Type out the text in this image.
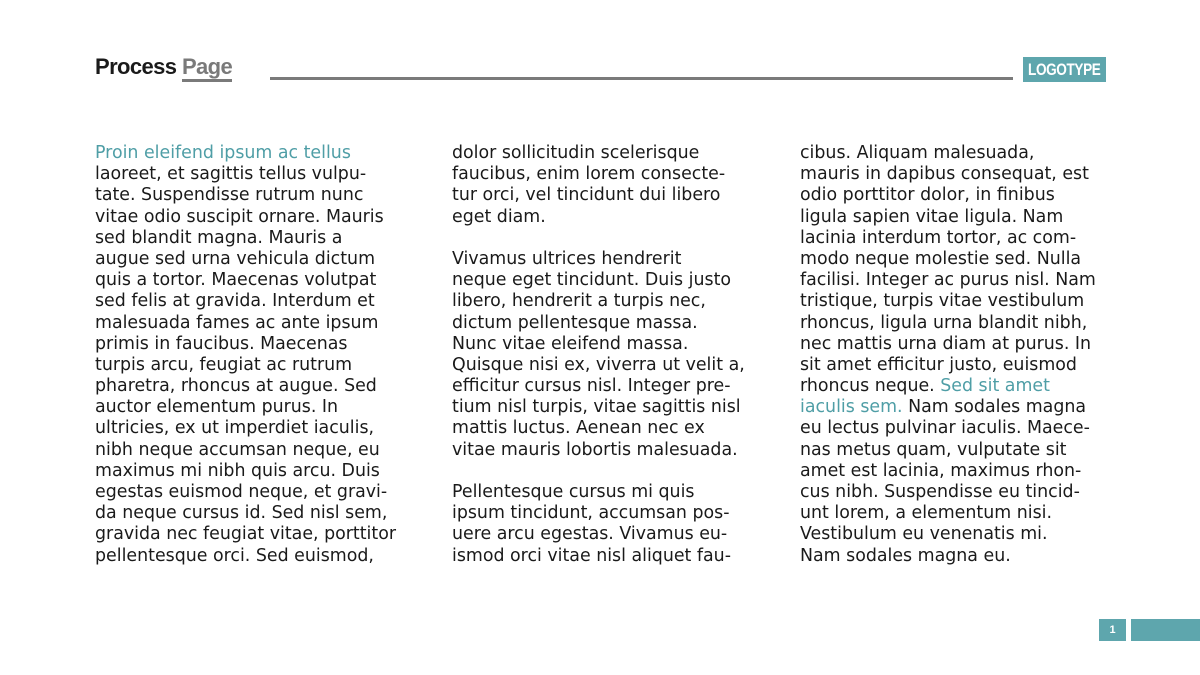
Process Page	LOGOTYPE
Proin eleifend ipsum ac tellus
laoreet, et sagittis tellus vulpu-
tate. Suspendisse rutrum nunc
vitae odio suscipit ornare. Mauris
sed blandit magna. Mauris a
augue sed urna vehicula dictum
quis a tortor. Maecenas volutpat
sed felis at gravida. Interdum et
malesuada fames ac ante ipsum
primis in faucibus. Maecenas
turpis arcu, feugiat ac rutrum
pharetra, rhoncus at augue. Sed
auctor elementum purus. In
ultricies, ex ut imperdiet iaculis,
nibh neque accumsan neque, eu
maximus mi nibh quis arcu. Duis
egestas euismod neque, et gravi-
da neque cursus id. Sed nisl sem,
gravida nec feugiat vitae, porttitor
pellentesque orci. Sed euismod,
dolor sollicitudin scelerisque
faucibus, enim lorem consecte-
tur orci, vel tincidunt dui libero
eget diam.
Vivamus ultrices hendrerit
neque eget tincidunt. Duis justo
libero, hendrerit a turpis nec,
dictum pellentesque massa.
Nunc vitae eleifend massa.
Quisque nisi ex, viverra ut velit a,
efficitur cursus nisl. Integer pre-
tium nisl turpis, vitae sagittis nisl
mattis luctus. Aenean nec ex
vitae mauris lobortis malesuada.
Pellentesque cursus mi quis
ipsum tincidunt, accumsan pos-
uere arcu egestas. Vivamus eu-
ismod orci vitae nisl aliquet fau-
cibus. Aliquam malesuada,
mauris in dapibus consequat, est
odio porttitor dolor, in finibus
ligula sapien vitae ligula. Nam
lacinia interdum tortor, ac com-
modo neque molestie sed. Nulla
facilisi. Integer ac purus nisl. Nam
tristique, turpis vitae vestibulum
rhoncus, ligula urna blandit nibh,
nec mattis urna diam at purus. In
sit amet efficitur justo, euismod
rhoncus neque. Sed sit amet
iaculis sem. Nam sodales magna
eu lectus pulvinar iaculis. Maece-
nas metus quam, vulputate sit
amet est lacinia, maximus rhon-
cus nibh. Suspendisse eu tincid-
unt lorem, a elementum nisi.
Vestibulum eu venenatis mi.
Nam sodales magna eu.
1
